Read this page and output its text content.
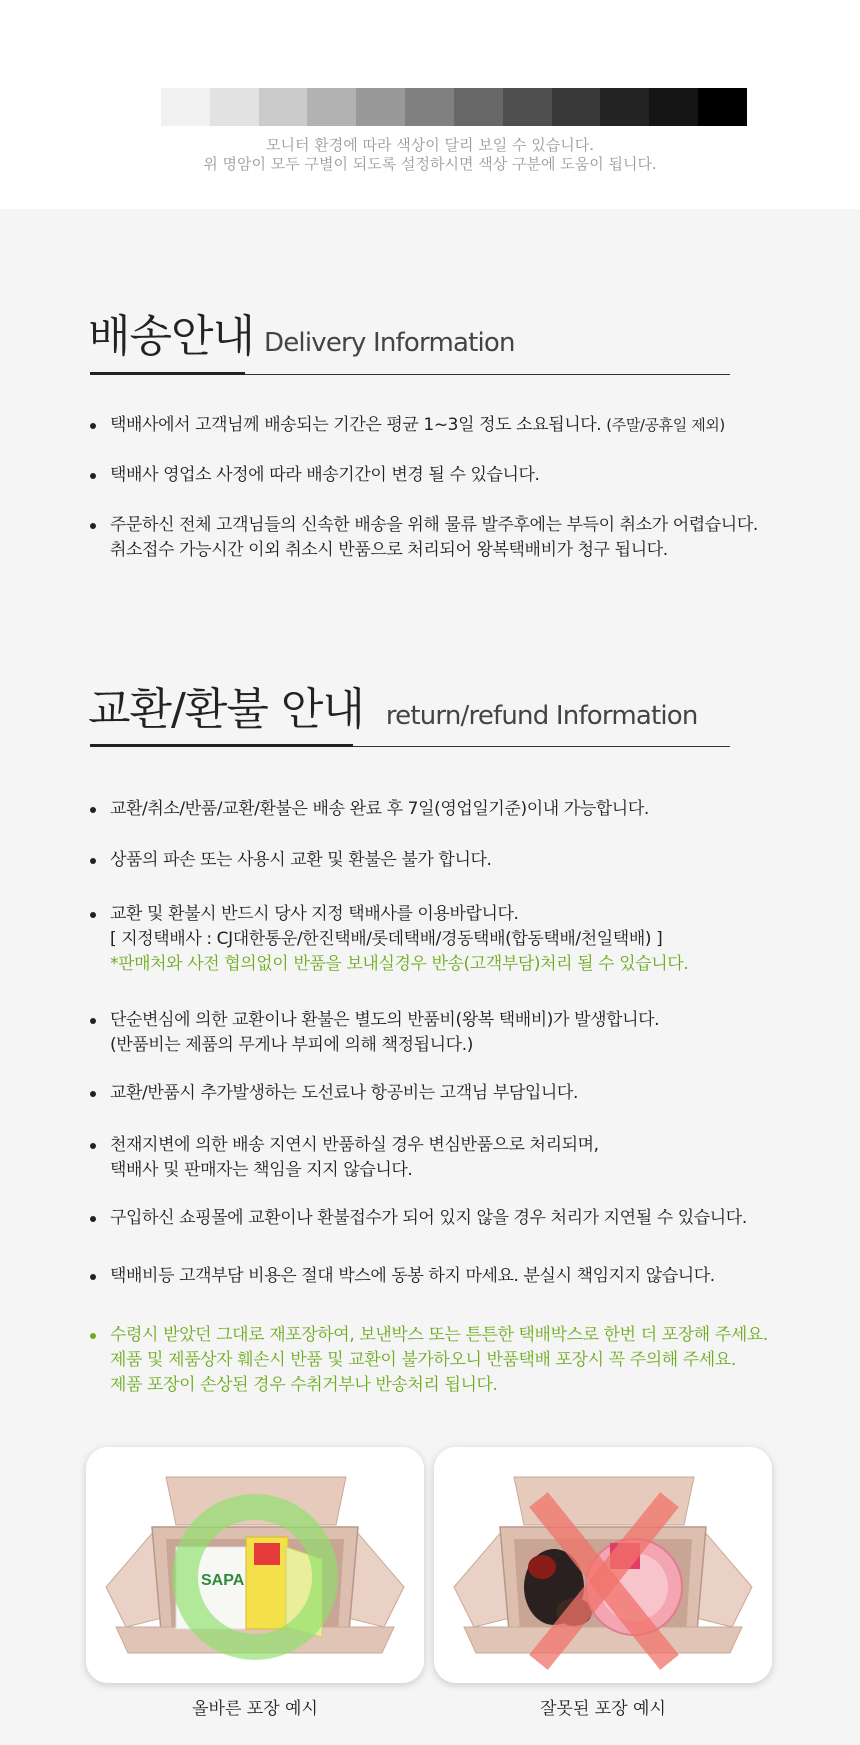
모니터 환경에 따라 색상이 달리 보일 수 있습니다.
위 명암이 모두 구별이 되도록 설정하시면 색상 구분에 도움이 됩니다.
배송안내 Delivery Information
택배사에서 고객님께 배송되는 기간은 평균 1~3일 정도 소요됩니다. (주말/공휴일 제외)
택배사 영업소 사정에 따라 배송기간이 변경 될 수 있습니다.
주문하신 전체 고객님들의 신속한 배송을 위해 물류 발주후에는 부득이 취소가 어렵습니다.
취소접수 가능시간 이외 취소시 반품으로 처리되어 왕복택배비가 청구 됩니다.
교환/환불 안내 return/refund Information
교환/취소/반품/교환/환불은 배송 완료 후 7일(영업일기준)이내 가능합니다.
상품의 파손 또는 사용시 교환 및 환불은 불가 합니다.
교환 및 환불시 반드시 당사 지정 택배사를 이용바랍니다.
[ 지정택배사 : CJ대한통운/한진택배/롯데택배/경동택배(합동택배/천일택배) ]
*판매처와 사전 협의없이 반품을 보내실경우 반송(고객부담)처리 될 수 있습니다.
단순변심에 의한 교환이나 환불은 별도의 반품비(왕복 택배비)가 발생합니다.
(반품비는 제품의 무게나 부피에 의해 책정됩니다.)
교환/반품시 추가발생하는 도선료나 항공비는 고객님 부담입니다.
천재지변에 의한 배송 지연시 반품하실 경우 변심반품으로 처리되며,
택배사 및 판매자는 책임을 지지 않습니다.
구입하신 쇼핑몰에 교환이나 환불접수가 되어 있지 않을 경우 처리가 지연될 수 있습니다.
택배비등 고객부담 비용은 절대 박스에 동봉 하지 마세요. 분실시 책임지지 않습니다.
수령시 받았던 그대로 재포장하여, 보낸박스 또는 튼튼한 택배박스로 한번 더 포장해 주세요.
제품 및 제품상자 훼손시 반품 및 교환이 불가하오니 반품택배 포장시 꼭 주의해 주세요.
제품 포장이 손상된 경우 수취거부나 반송처리 됩니다.
SAPA
올바른 포장 예시	잘못된 포장 예시
